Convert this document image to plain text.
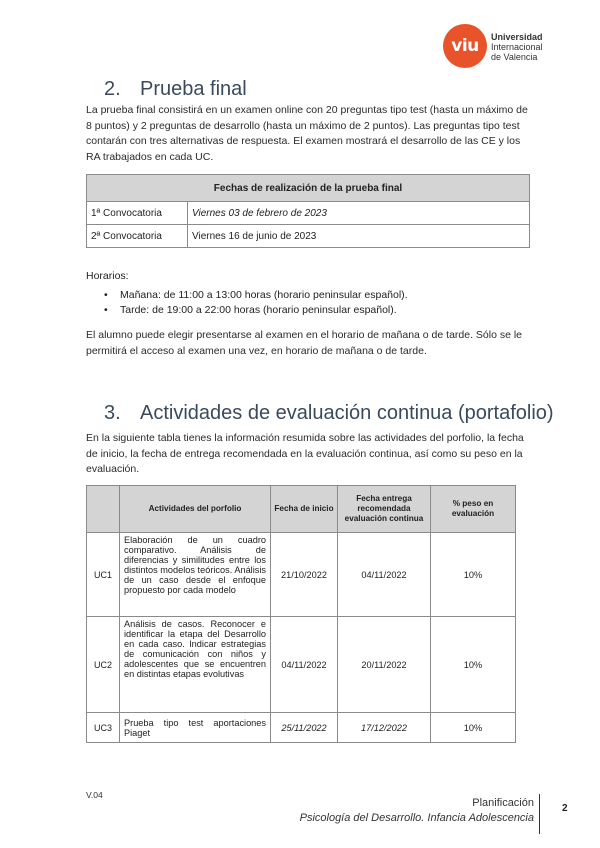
viu	Universidad
Internacional
de Valencia
2. Prueba final

La prueba final consistirá en un examen online con 20 preguntas tipo test (hasta un máximo de 8 puntos) y 2 preguntas de desarrollo (hasta un máximo de 2 puntos). Las preguntas tipo test contarán con tres alternativas de respuesta. El examen mostrará el desarrollo de las CE y los RA trabajados en cada UC.

Fechas de realización de la prueba final	
1ª Convocatoria	Viernes 03 de febrero de 2023
2ª Convocatoria	Viernes 16 de junio de 2023
Horarios:
•	Mañana: de 11:00 a 13:00 horas (horario peninsular español).
•	Tarde: de 19:00 a 22:00 horas (horario peninsular español).

El alumno puede elegir presentarse al examen en el horario de mañana o de tarde. Sólo se le permitirá el acceso al examen una vez, en horario de mañana o de tarde.

3. Actividades de evaluación continua (portafolio)

En la siguiente tabla tienes la información resumida sobre las actividades del porfolio, la fecha de inicio, la fecha de entrega recomendada en la evaluación continua, así como su peso en la evaluación.

	Actividades del porfolio	Fecha de inicio	Fecha entrega recomendada evaluación continua	% peso en evaluación
UC1	Elaboración de un cuadro comparativo. Análisis de diferencias y similitudes entre los distintos modelos teóricos. Análisis de un caso desde el enfoque propuesto por cada modelo	21/10/2022	04/11/2022	10%
UC2	Análisis de casos. Reconocer e identificar la etapa del Desarrollo en cada caso. Indicar estrategias de comunicación con niños y adolescentes que se encuentren en distintas etapas evolutivas	04/11/2022	20/11/2022	10%
UC3	Prueba tipo test aportaciones Piaget	25/11/2022	17/12/2022	10%
V.04
Planificación
Psicología del Desarrollo. Infancia Adolescencia
2
